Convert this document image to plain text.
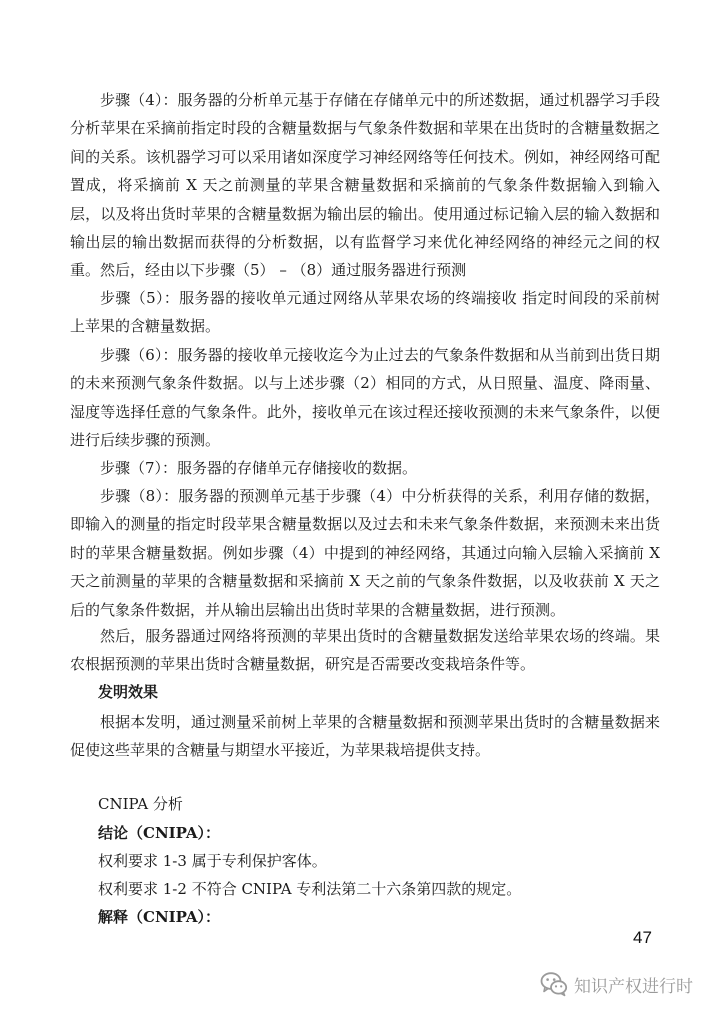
步骤（4）：服务器的分析单元基于存储在存储单元中的所述数据，通过机器学习手段分析苹果在采摘前指定时段的含糖量数据与气象条件数据和苹果在出货时的含糖量数据之间的关系。该机器学习可以采用诸如深度学习神经网络等任何技术。例如，神经网络可配置成，将采摘前 X 天之前测量的苹果含糖量数据和采摘前的气象条件数据输入到输入层，以及将出货时苹果的含糖量数据为输出层的输出。使用通过标记输入层的输入数据和输出层的输出数据而获得的分析数据，以有监督学习来优化神经网络的神经元之间的权重。然后，经由以下步骤（5） – （8）通过服务器进行预测

步骤（5）：服务器的接收单元通过网络从苹果农场的终端接收 指定时间段的采前树上苹果的含糖量数据。

步骤（6）：服务器的接收单元接收迄今为止过去的气象条件数据和从当前到出货日期的未来预测气象条件数据。以与上述步骤（2）相同的方式，从日照量、温度、降雨量、湿度等选择任意的气象条件。此外，接收单元在该过程还接收预测的未来气象条件，以便进行后续步骤的预测。

步骤（7）：服务器的存储单元存储接收的数据。

步骤（8）：服务器的预测单元基于步骤（4）中分析获得的关系，利用存储的数据，即输入的测量的指定时段苹果含糖量数据以及过去和未来气象条件数据，来预测未来出货时的苹果含糖量数据。例如步骤（4）中提到的神经网络，其通过向输入层输入采摘前 X 天之前测量的苹果的含糖量数据和采摘前 X 天之前的气象条件数据，以及收获前 X 天之后的气象条件数据，并从输出层输出出货时苹果的含糖量数据，进行预测。

然后，服务器通过网络将预测的苹果出货时的含糖量数据发送给苹果农场的终端。果农根据预测的苹果出货时含糖量数据，研究是否需要改变栽培条件等。

发明效果

根据本发明，通过测量采前树上苹果的含糖量数据和预测苹果出货时的含糖量数据来促使这些苹果的含糖量与期望水平接近，为苹果栽培提供支持。

CNIPA 分析

结论（CNIPA）：

权利要求 1-3 属于专利保护客体。

权利要求 1-2 不符合 CNIPA 专利法第二十六条第四款的规定。

解释（CNIPA）：

47
知识产权进行时
